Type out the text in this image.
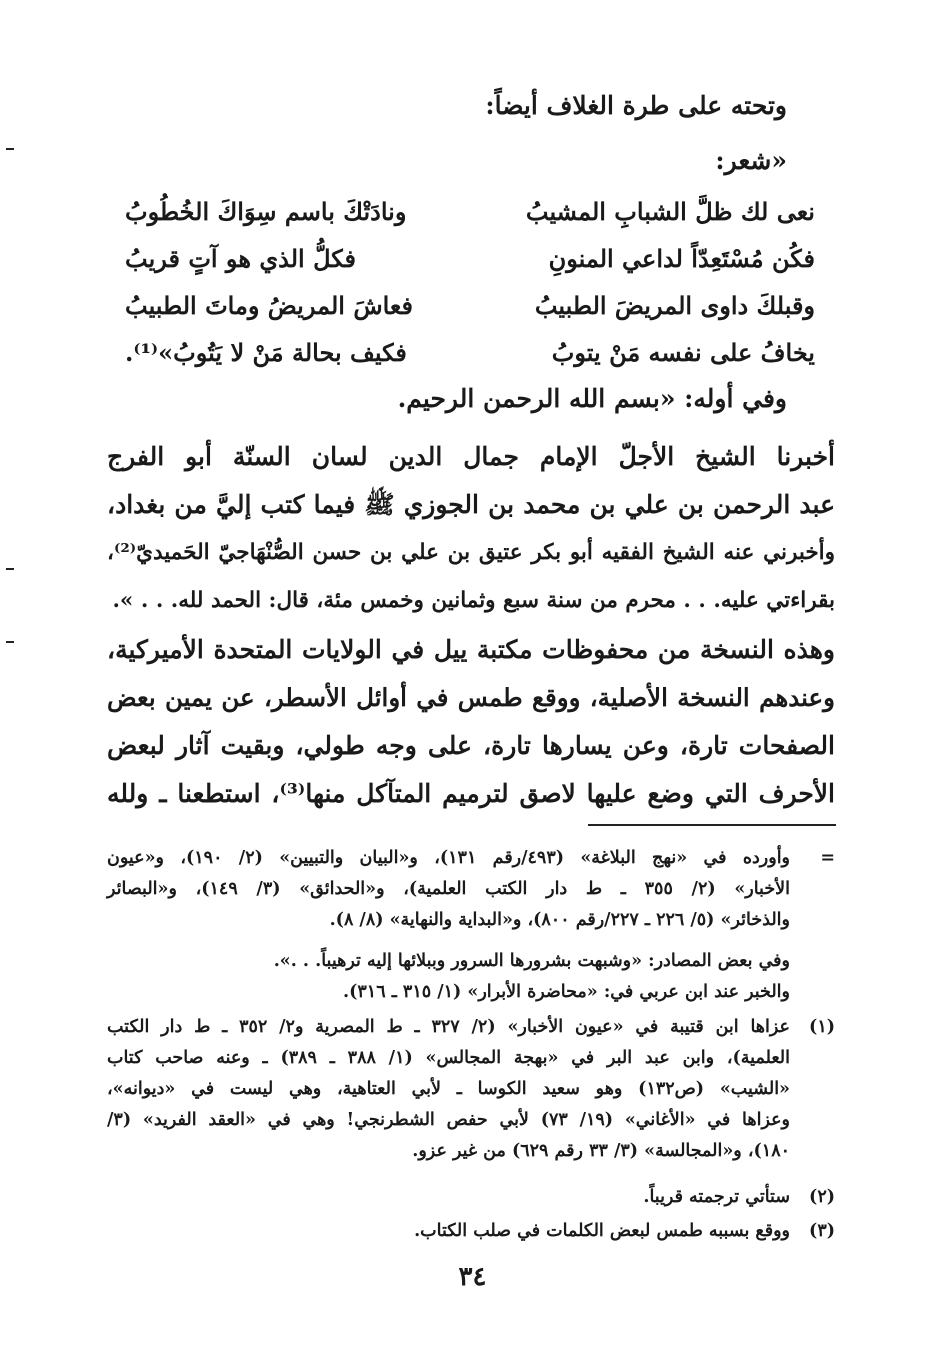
وتحته على طرة الغلاف أيضاً:
«شعر:
نعى لك ظلَّ الشبابِ المشيبُ
ونادَتْكَ باسم سِوَاكَ الخُطُوبُ
فكُن مُسْتَعِدّاً لداعي المنونِ
فكلُّ الذي هو آتٍ قريبُ
وقبلكَ داوى المريضَ الطبيبُ
فعاشَ المريضُ وماتَ الطبيبُ
يخافُ على نفسه مَنْ يتوبُ
فكيف بحالة مَنْ لا يَتُوبُ»⁽¹⁾.
وفي أوله: «بسم الله الرحمن الرحيم.
أخبرنا الشيخ الأجلّ الإمام جمال الدين لسان السنّة أبو الفرج
عبد الرحمن بن علي بن محمد بن الجوزي ﷺ فيما كتب إليَّ من بغداد،
وأخبرني عنه الشيخ الفقيه أبو بكر عتيق بن علي بن حسن الصُّنْهَاجيّ الحَميديّ⁽²⁾،
بقراءتي عليه. . . محرم من سنة سبع وثمانين وخمس مئة، قال: الحمد لله. . . ».
وهذه النسخة من محفوظات مكتبة ييل في الولايات المتحدة الأميركية،
وعندهم النسخة الأصلية، ووقع طمس في أوائل الأسطر، عن يمين بعض
الصفحات تارة، وعن يسارها تارة، على وجه طولي، وبقيت آثار لبعض
الأحرف التي وضع عليها لاصق لترميم المتآكل منها⁽³⁾، استطعنا ـ ولله
=
وأورده في «نهج البلاغة» (٤٩٣/رقم ١٣١)، و«البيان والتبيين» (٢/ ١٩٠)، و«عيون
الأخبار» (٢/ ٣٥٥ ـ ط دار الكتب العلمية)، و«الحدائق» (٣/ ١٤٩)، و«البصائر
والذخائر» (٥/ ٢٢٦ ـ ٢٢٧/رقم ٨٠٠)، و«البداية والنهاية» (٨/ ٨).
وفي بعض المصادر: «وشبهت بشرورها السرور وببلائها إليه ترهيباً. . .».
والخبر عند ابن عربي في: «محاضرة الأبرار» (١/ ٣١٥ ـ ٣١٦).
(١)
عزاها ابن قتيبة في «عيون الأخبار» (٢/ ٣٢٧ ـ ط المصرية و٢/ ٣٥٢ ـ ط دار الكتب
العلمية)، وابن عبد البر في «بهجة المجالس» (١/ ٣٨٨ ـ ٣٨٩) ـ وعنه صاحب كتاب
«الشيب» (ص١٣٢) وهو سعيد الكوسا ـ لأبي العتاهية، وهي ليست في «ديوانه»،
وعزاها في «الأغاني» (١٩/ ٧٣) لأبي حفص الشطرنجي! وهي في «العقد الفريد» (٣/
١٨٠)، و«المجالسة» (٣/ ٣٣ رقم ٦٢٩) من غير عزو.
(٢)
ستأتي ترجمته قريباً.
(٣)
ووقع بسببه طمس لبعض الكلمات في صلب الكتاب.
٣٤
